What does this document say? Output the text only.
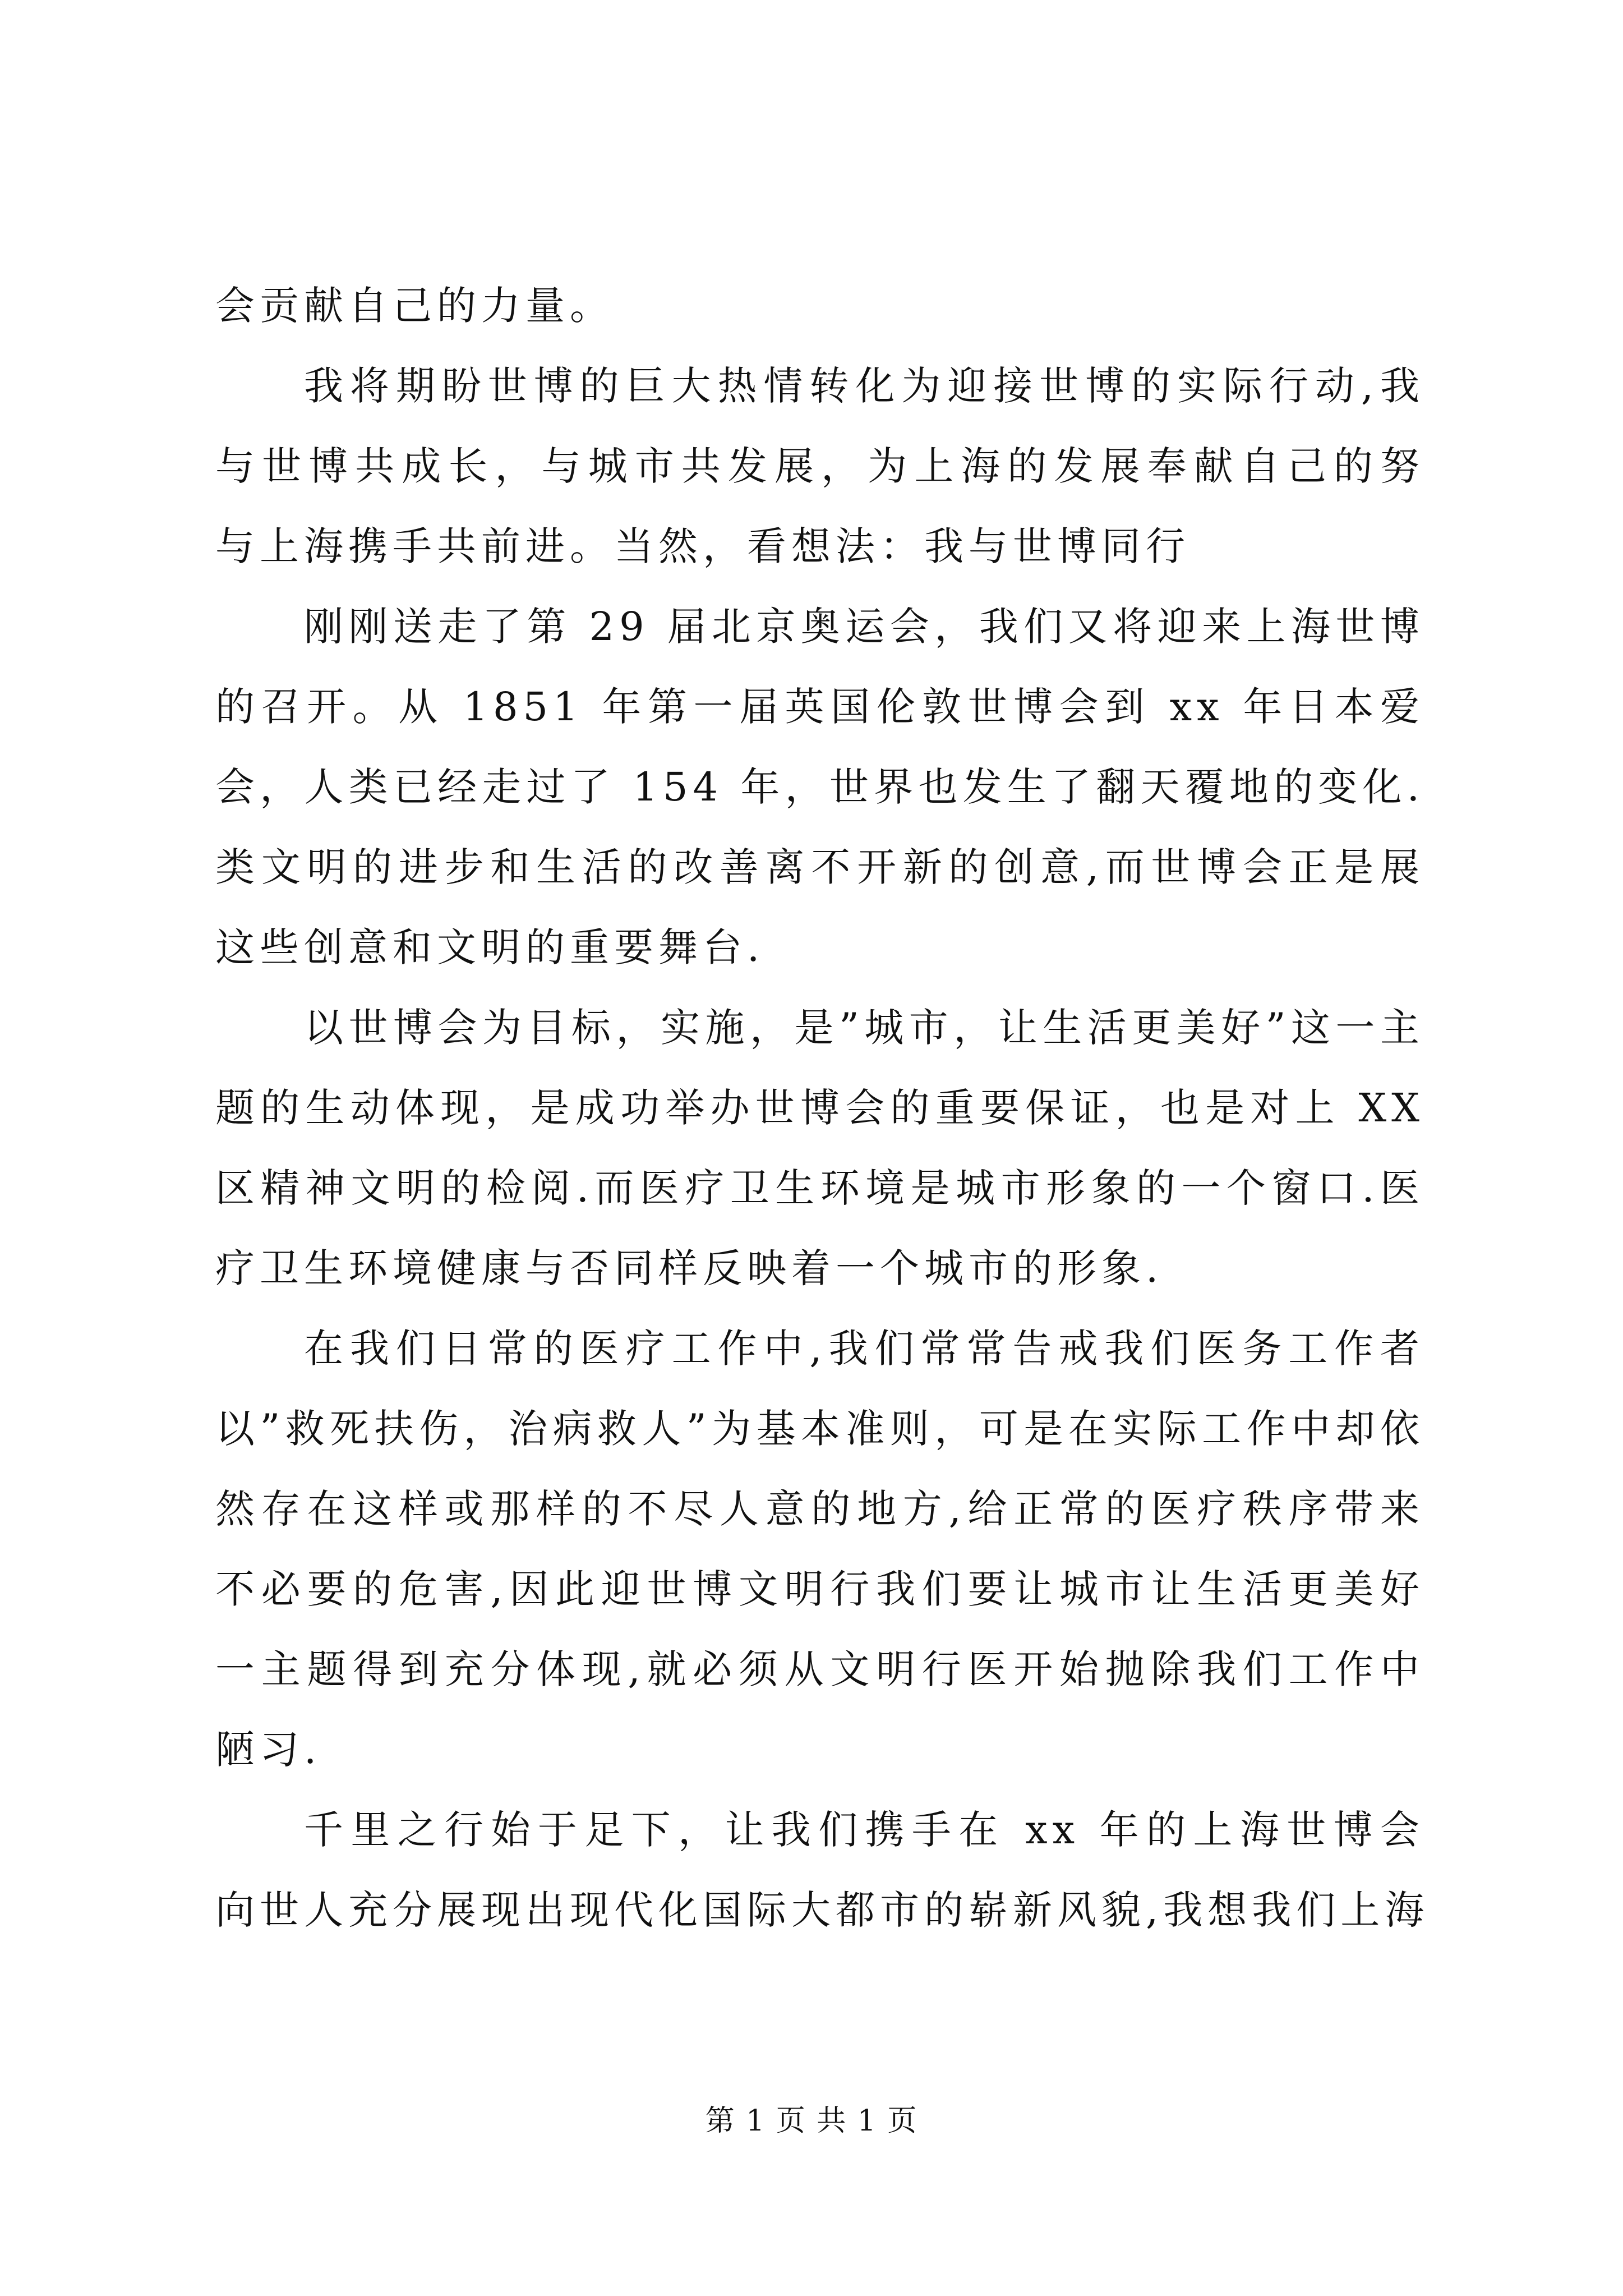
会贡献自己的力量。
我将期盼世博的巨大热情转化为迎接世博的实际行动,我
与世博共成长，与城市共发展，为上海的发展奉献自己的努
与上海携手共前进。当然，看想法：我与世博同行
刚刚送走了第 29 届北京奥运会，我们又将迎来上海世博
的召开。从 1851 年第一届英国伦敦世博会到 xx 年日本爱
会，人类已经走过了 154 年，世界也发生了翻天覆地的变化.
类文明的进步和生活的改善离不开新的创意,而世博会正是展
这些创意和文明的重要舞台.
以世博会为目标，实施，是”城市，让生活更美好”这一主
题的生动体现，是成功举办世博会的重要保证，也是对上 XX
区精神文明的检阅.而医疗卫生环境是城市形象的一个窗口.医
疗卫生环境健康与否同样反映着一个城市的形象.
在我们日常的医疗工作中,我们常常告戒我们医务工作者
以”救死扶伤，治病救人”为基本准则，可是在实际工作中却依
然存在这样或那样的不尽人意的地方,给正常的医疗秩序带来
不必要的危害,因此迎世博文明行我们要让城市让生活更美好
一主题得到充分体现,就必须从文明行医开始抛除我们工作中
陋习.
千里之行始于足下，让我们携手在 xx 年的上海世博会
向世人充分展现出现代化国际大都市的崭新风貌,我想我们上海
第 1 页 共 1 页
